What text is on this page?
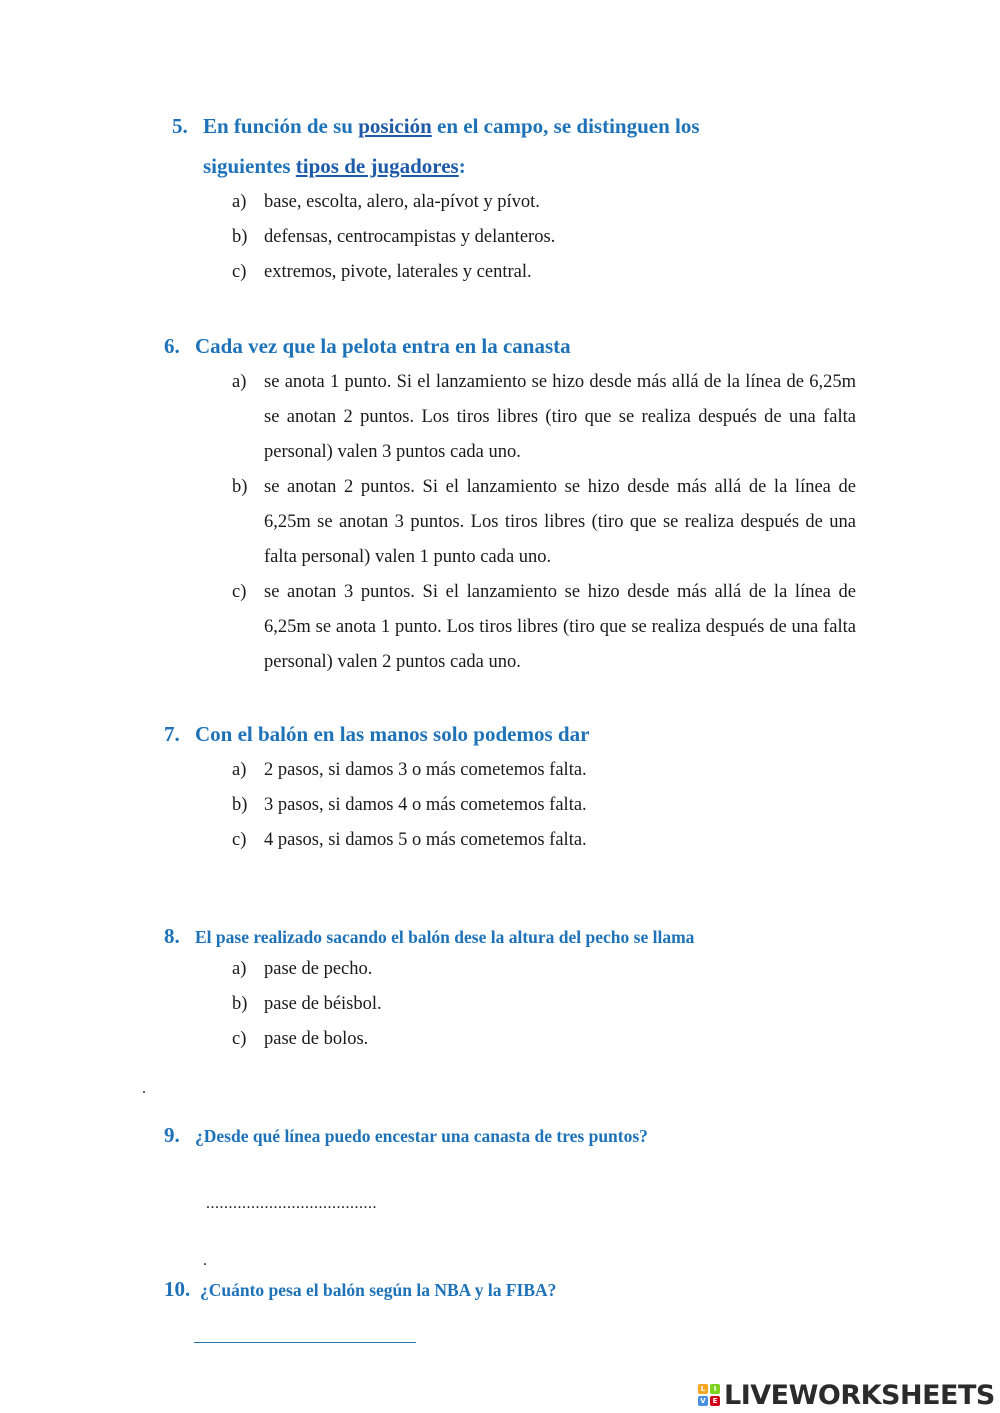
5. En función de su posición en el campo, se distinguen los
siguientes tipos de jugadores:
a) base, escolta, alero, ala-pívot y pívot.
b) defensas, centrocampistas y delanteros.
c) extremos, pivote, laterales y central.
6. Cada vez que la pelota entra en la canasta
a) se anota 1 punto. Si el lanzamiento se hizo desde más allá de la línea de 6,25m se anotan 2 puntos. Los tiros libres (tiro que se realiza después de una falta personal) valen 3 puntos cada uno.
b) se anotan 2 puntos. Si el lanzamiento se hizo desde más allá de la línea de 6,25m se anotan 3 puntos. Los tiros libres (tiro que se realiza después de una falta personal) valen 1 punto cada uno.
c) se anotan 3 puntos. Si el lanzamiento se hizo desde más allá de la línea de 6,25m se anota 1 punto. Los tiros libres (tiro que se realiza después de una falta personal) valen 2 puntos cada uno.
7. Con el balón en las manos solo podemos dar
a) 2 pasos, si damos 3 o más cometemos falta.
b) 3 pasos, si damos 4 o más cometemos falta.
c) 4 pasos, si damos 5 o más cometemos falta.
8. El pase realizado sacando el balón dese la altura del pecho se llama
a) pase de pecho.
b) pase de béisbol.
c) pase de bolos.
.
9. ¿Desde qué línea puedo encestar una canasta de tres puntos?
......................................
.
10. ¿Cuánto pesa el balón según la NBA y la FIBA?
L	I
V E LIVEWORKSHEETS
